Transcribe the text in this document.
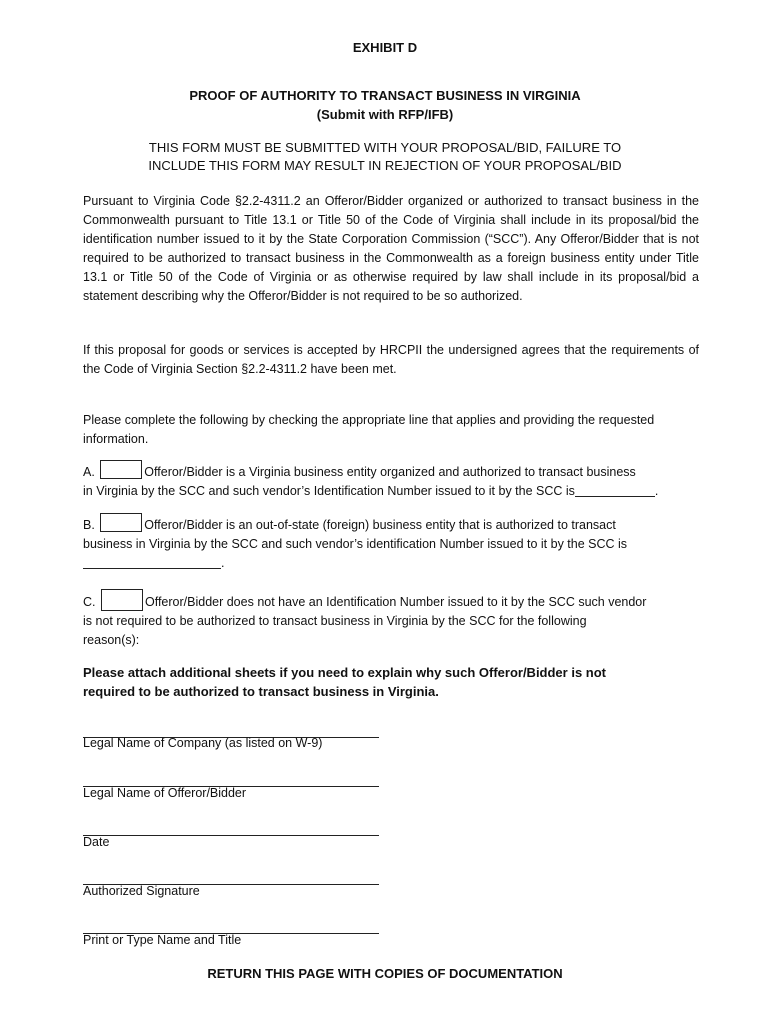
EXHIBIT D
PROOF OF AUTHORITY TO TRANSACT BUSINESS IN VIRGINIA
(Submit with RFP/IFB)
THIS FORM MUST BE SUBMITTED WITH YOUR PROPOSAL/BID, FAILURE TO
INCLUDE THIS FORM MAY RESULT IN REJECTION OF YOUR PROPOSAL/BID
Pursuant to Virginia Code §2.2-4311.2 an Offeror/Bidder organized or authorized to transact business in the Commonwealth pursuant to Title 13.1 or Title 50 of the Code of Virginia shall include in its proposal/bid the identification number issued to it by the State Corporation Commission (“SCC”). Any Offeror/Bidder that is not required to be authorized to transact business in the Commonwealth as a foreign business entity under Title 13.1 or Title 50 of the Code of Virginia or as otherwise required by law shall include in its proposal/bid a statement describing why the Offeror/Bidder is not required to be so authorized.
If this proposal for goods or services is accepted by HRCPII the undersigned agrees that the requirements of the Code of Virginia Section §2.2-4311.2 have been met.
Please complete the following by checking the appropriate line that applies and providing the requested information.
A.	Offeror/Bidder is a Virginia business entity organized and authorized to transact business
in Virginia by the SCC and such vendor’s Identification Number issued to it by the SCC is	.
B.	Offeror/Bidder is an out-of-state (foreign) business entity that is authorized to transact
business in Virginia by the SCC and such vendor’s identification Number issued to it by the SCC is
.
C.	Offeror/Bidder does not have an Identification Number issued to it by the SCC such vendor
is not required to be authorized to transact business in Virginia by the SCC for the following
reason(s):
Please attach additional sheets if you need to explain why such Offeror/Bidder is not
required to be authorized to transact business in Virginia.
Legal Name of Company (as listed on W-9)
Legal Name of Offeror/Bidder
Date
Authorized Signature
Print or Type Name and Title
RETURN THIS PAGE WITH COPIES OF DOCUMENTATION
